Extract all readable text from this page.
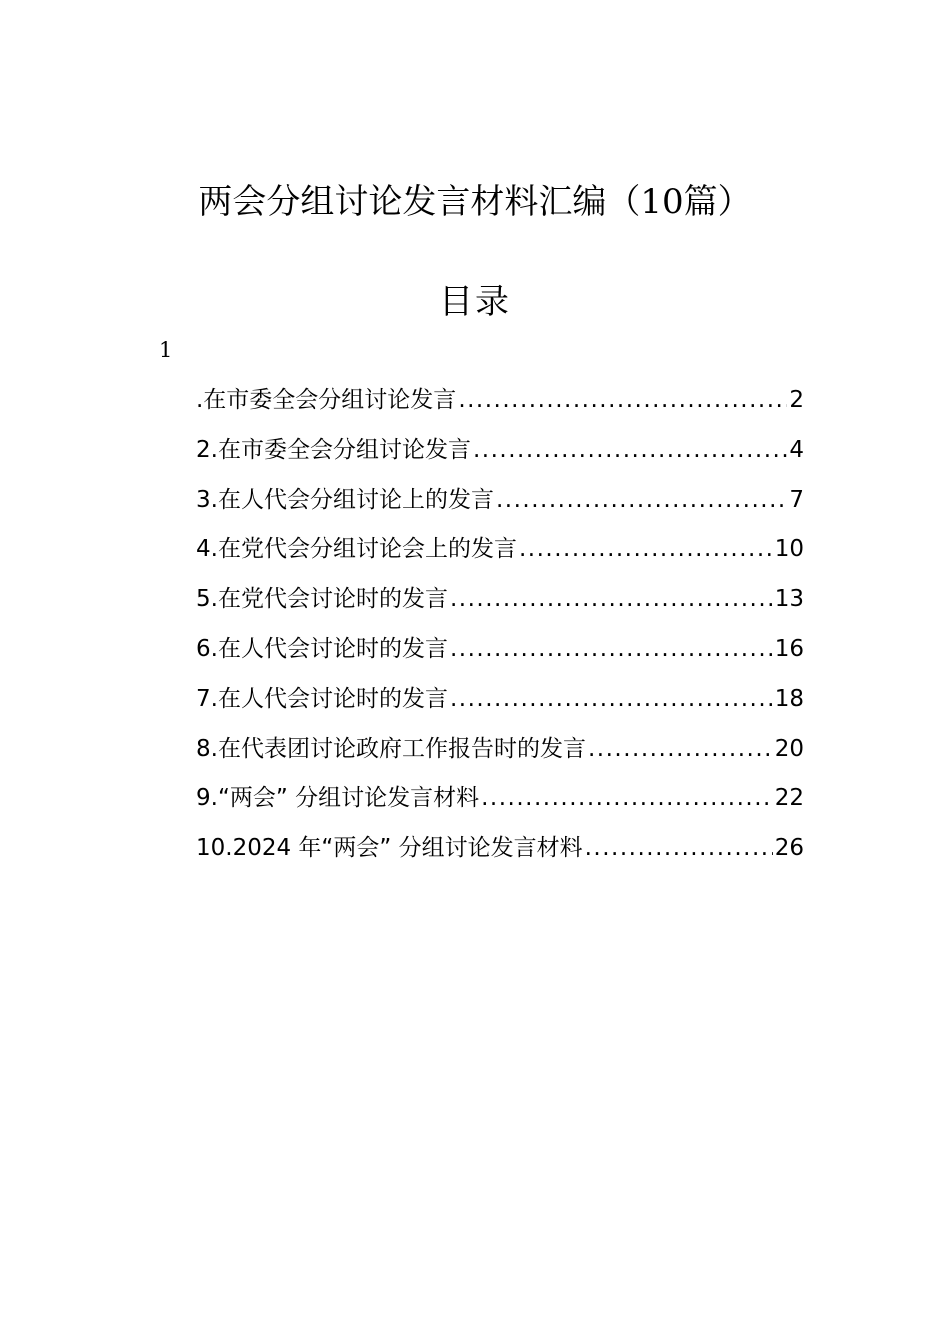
两会分组讨论发言材料汇编（10篇）
目录
1
.在市委全会分组讨论发言 .....	2
2.在市委全会分组讨论发言 .....	4
3.在人代会分组讨论上的发言 .....	7
4.在党代会分组讨论会上的发言 .....	10
5.在党代会讨论时的发言 .....	13
6.在人代会讨论时的发言 .....	16
7.在人代会讨论时的发言 .....	18
8.在代表团讨论政府工作报告时的发言 .....	20
9.“两会” 分组讨论发言材料 .....	22
10.2024 年“两会” 分组讨论发言材料 .....	26
